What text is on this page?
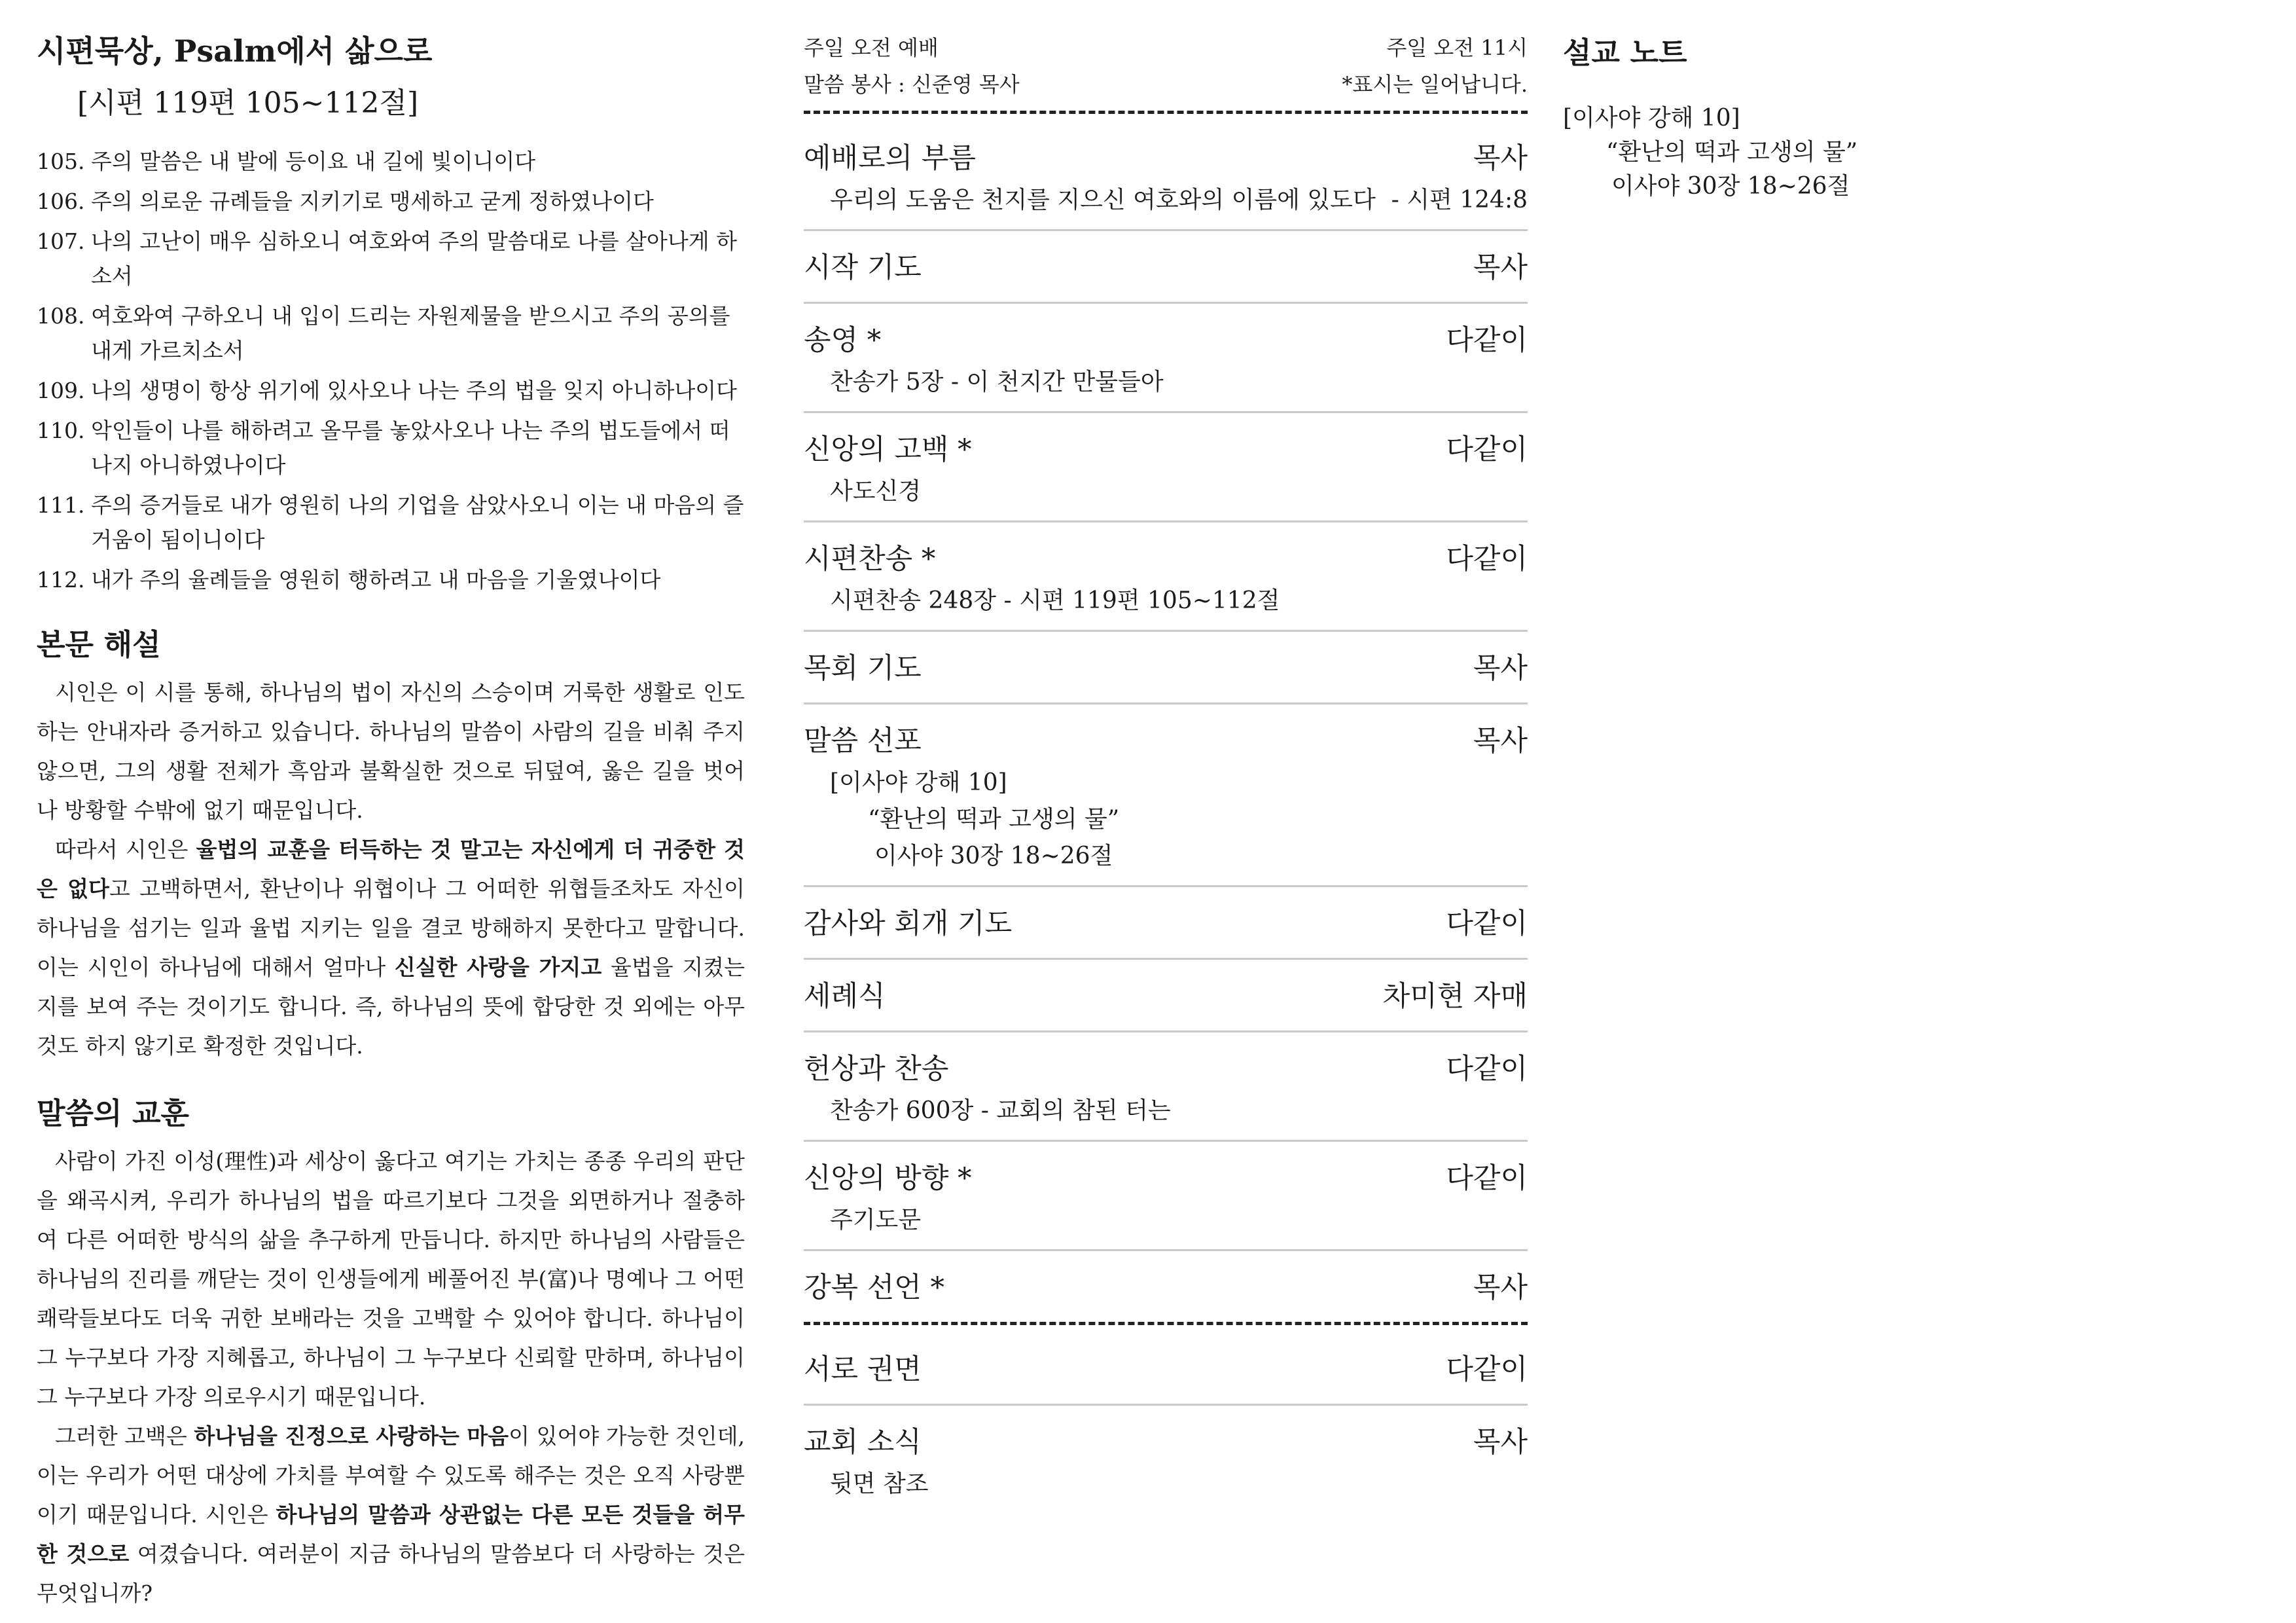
시편묵상, Psalm에서 삶으로
[시편 119편 105~112절]
105. 주의 말씀은 내 발에 등이요 내 길에 빛이니이다
106. 주의 의로운 규례들을 지키기로 맹세하고 굳게 정하였나이다
107. 나의 고난이 매우 심하오니 여호와여 주의 말씀대로 나를 살아나게 하소서
108. 여호와여 구하오니 내 입이 드리는 자원제물을 받으시고 주의 공의를 내게 가르치소서
109. 나의 생명이 항상 위기에 있사오나 나는 주의 법을 잊지 아니하나이다
110. 악인들이 나를 해하려고 올무를 놓았사오나 나는 주의 법도들에서 떠나지 아니하였나이다
111. 주의 증거들로 내가 영원히 나의 기업을 삼았사오니 이는 내 마음의 즐거움이 됨이니이다
112. 내가 주의 율례들을 영원히 행하려고 내 마음을 기울였나이다
본문 해설
시인은 이 시를 통해, 하나님의 법이 자신의 스승이며 거룩한 생활로 인도하는 안내자라 증거하고 있습니다. 하나님의 말씀이 사람의 길을 비춰 주지 않으면, 그의 생활 전체가 흑암과 불확실한 것으로 뒤덮여, 옳은 길을 벗어나 방황할 수밖에 없기 때문입니다.
따라서 시인은 율법의 교훈을 터득하는 것 말고는 자신에게 더 귀중한 것은 없다고 고백하면서, 환난이나 위협이나 그 어떠한 위협들조차도 자신이 하나님을 섬기는 일과 율법 지키는 일을 결코 방해하지 못한다고 말합니다. 이는 시인이 하나님에 대해서 얼마나 신실한 사랑을 가지고 율법을 지켰는지를 보여 주는 것이기도 합니다. 즉, 하나님의 뜻에 합당한 것 외에는 아무 것도 하지 않기로 확정한 것입니다.
말씀의 교훈
사람이 가진 이성(理性)과 세상이 옳다고 여기는 가치는 종종 우리의 판단을 왜곡시켜, 우리가 하나님의 법을 따르기보다 그것을 외면하거나 절충하여 다른 어떠한 방식의 삶을 추구하게 만듭니다. 하지만 하나님의 사람들은 하나님의 진리를 깨닫는 것이 인생들에게 베풀어진 부(富)나 명예나 그 어떤 쾌락들보다도 더욱 귀한 보배라는 것을 고백할 수 있어야 합니다. 하나님이 그 누구보다 가장 지혜롭고, 하나님이 그 누구보다 신뢰할 만하며, 하나님이 그 누구보다 가장 의로우시기 때문입니다.
그러한 고백은 하나님을 진정으로 사랑하는 마음이 있어야 가능한 것인데, 이는 우리가 어떤 대상에 가치를 부여할 수 있도록 해주는 것은 오직 사랑뿐이기 때문입니다. 시인은 하나님의 말씀과 상관없는 다른 모든 것들을 허무한 것으로 여겼습니다. 여러분이 지금 하나님의 말씀보다 더 사랑하는 것은 무엇입니까?
주일 오전 예배	주일 오전 11시
말씀 봉사 : 신준영 목사	*표시는 일어납니다.
예배로의 부름	목사
우리의 도움은 천지를 지으신 여호와의 이름에 있도다 - 시편 124:8
시작 기도	목사
송영 *	다같이
찬송가 5장 - 이 천지간 만물들아
신앙의 고백 *	다같이
사도신경
시편찬송 *	다같이
시편찬송 248장 - 시편 119편 105~112절
목회 기도	목사
말씀 선포	목사
[이사야 강해 10]
“환난의 떡과 고생의 물”
이사야 30장 18~26절
감사와 회개 기도	다같이
세례식	차미현 자매
헌상과 찬송	다같이
찬송가 600장 - 교회의 참된 터는
신앙의 방향 *	다같이
주기도문
강복 선언 *	목사
서로 권면	다같이
교회 소식	목사
뒷면 참조
설교 노트
[이사야 강해 10]
“환난의 떡과 고생의 물”
이사야 30장 18~26절
